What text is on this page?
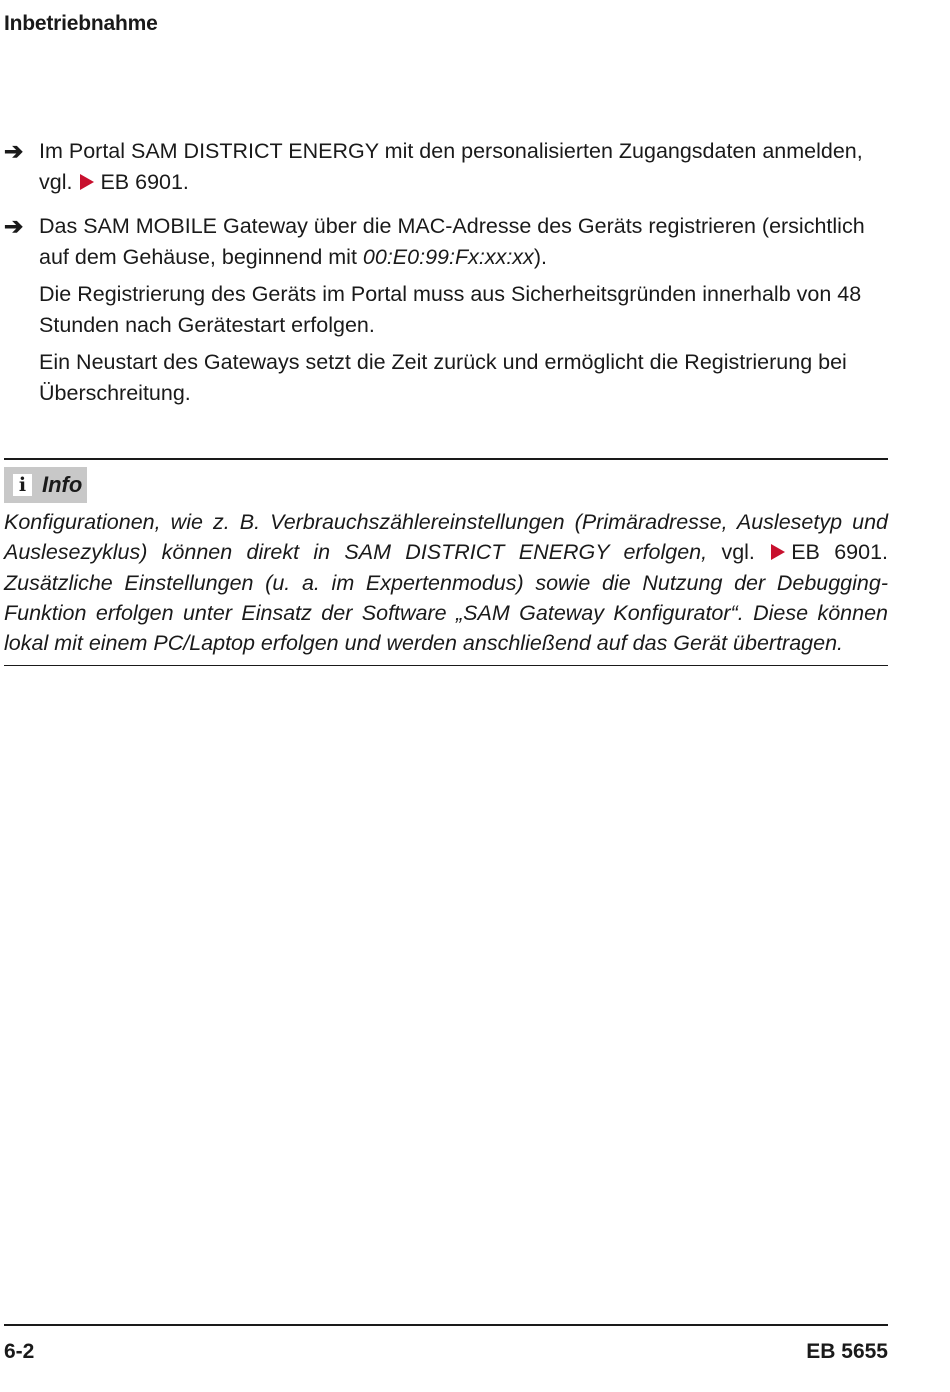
Inbetriebnahme
➔ Im Portal SAM DISTRICT ENERGY mit den personalisierten Zugangsdaten anmelden, vgl. EB 6901.
➔ Das SAM MOBILE Gateway über die MAC-Adresse des Geräts registrieren (ersichtlich auf dem Gehäuse, beginnend mit 00:E0:99:Fx:xx:xx).
Die Registrierung des Geräts im Portal muss aus Sicherheitsgründen innerhalb von 48 Stunden nach Gerätestart erfolgen.
Ein Neustart des Gateways setzt die Zeit zurück und ermöglicht die Registrierung bei Überschreitung.
i Info
Konfigurationen, wie z. B. Verbrauchszählereinstellungen (Primäradresse, Auslesetyp und Auslesezyklus) können direkt in SAM DISTRICT ENERGY erfolgen, vgl. EB 6901. Zusätzliche Einstellungen (u. a. im Expertenmodus) sowie die Nutzung der Debugging-Funktion erfolgen unter Einsatz der Software „SAM Gateway Konfigurator“. Diese können lokal mit einem PC/Laptop erfolgen und werden anschließend auf das Gerät übertragen.
6-2	EB 5655
